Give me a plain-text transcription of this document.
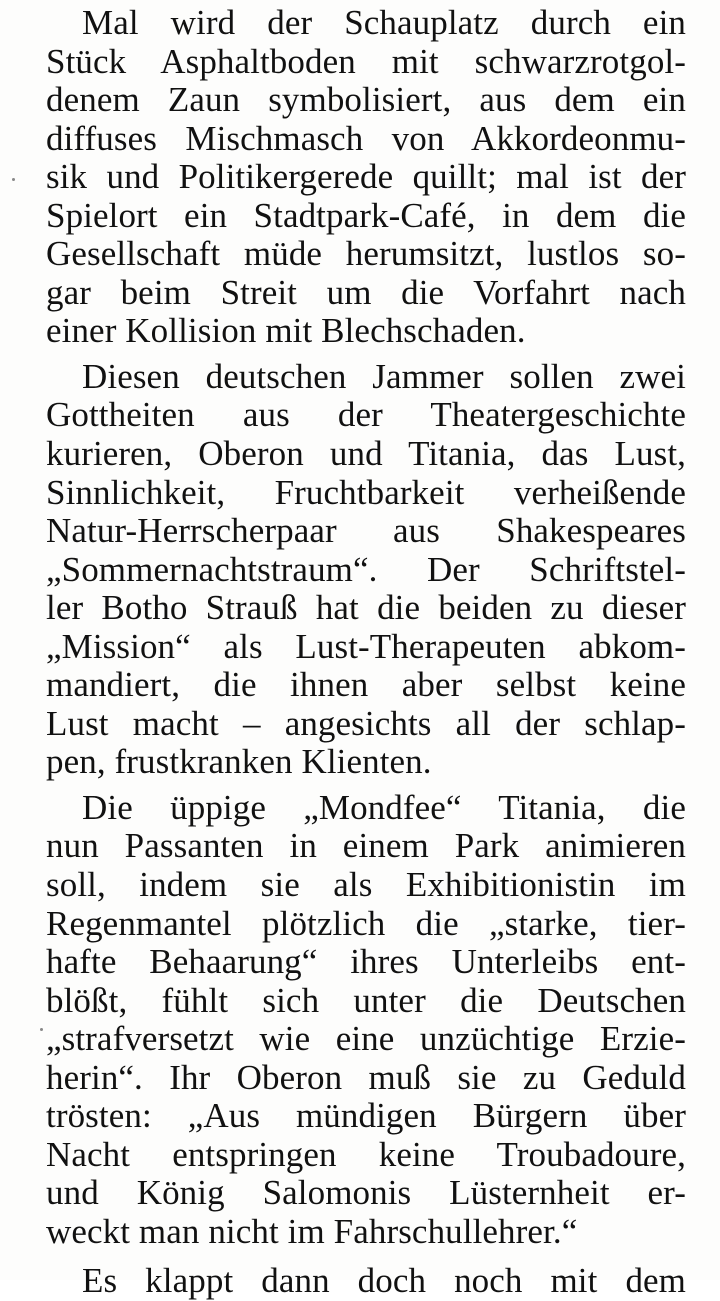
Mal wird der Schauplatz durch ein
Stück Asphaltboden mit schwarzrotgol-
denem Zaun symbolisiert, aus dem ein
diffuses Mischmasch von Akkordeonmu-
sik und Politikergerede quillt; mal ist der
Spielort ein Stadtpark-Café, in dem die
Gesellschaft müde herumsitzt, lustlos so-
gar beim Streit um die Vorfahrt nach
einer Kollision mit Blechschaden.
Diesen deutschen Jammer sollen zwei
Gottheiten aus der Theatergeschichte
kurieren, Oberon und Titania, das Lust,
Sinnlichkeit, Fruchtbarkeit verheißende
Natur-Herrscherpaar aus Shakespeares
„Sommernachtstraum“. Der Schriftstel-
ler Botho Strauß hat die beiden zu dieser
„Mission“ als Lust-Therapeuten abkom-
mandiert, die ihnen aber selbst keine
Lust macht – angesichts all der schlap-
pen, frustkranken Klienten.
Die üppige „Mondfee“ Titania, die
nun Passanten in einem Park animieren
soll, indem sie als Exhibitionistin im
Regenmantel plötzlich die „starke, tier-
hafte Behaarung“ ihres Unterleibs ent-
blößt, fühlt sich unter die Deutschen
„strafversetzt wie eine unzüchtige Erzie-
herin“. Ihr Oberon muß sie zu Geduld
trösten: „Aus mündigen Bürgern über
Nacht entspringen keine Troubadoure,
und König Salomonis Lüsternheit er-
weckt man nicht im Fahrschullehrer.“
Es klappt dann doch noch mit dem
